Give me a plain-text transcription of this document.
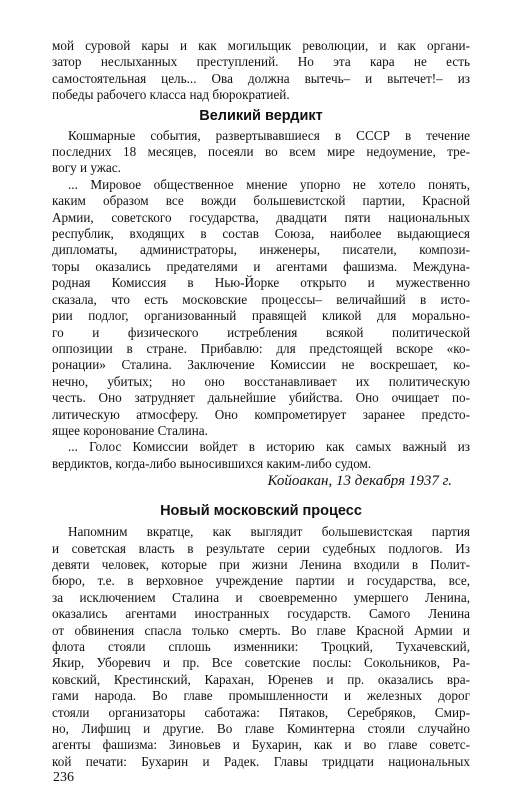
мой суровой кары и как могильщик революции, и как органи-
затор неслыханных преступлений. Но эта кара не есть
самостоятельная цель... Ова должна вытечь– и вытечет!– из
победы рабочего класса над бюрократией.
Великий вердикт
Кошмарные события, развертывавшиеся в СССР в течение
последних 18 месяцев, посеяли во всем мире недоумение, тре-
вогу и ужас.
... Мировое общественное мнение упорно не хотело понять,
каким образом все вожди большевистской партии, Красной
Армии, советского государства, двадцати пяти национальных
республик, входящих в состав Союза, наиболее выдающиеся
дипломаты, администраторы, инженеры, писатели, компози-
торы оказались предателями и агентами фашизма. Междуна-
родная Комиссия в Нью-Йорке открыто и мужественно
сказала, что есть московские процессы– величайший в исто-
рии подлог, организованный правящей кликой для морально-
го и физического истребления всякой политической
оппозиции в стране. Прибавлю: для предстоящей вскоре «ко-
ронации» Сталина. Заключение Комиссии не воскрешает, ко-
нечно, убитых; но оно восстанавливает их политическую
честь. Оно затрудняет дальнейшие убийства. Оно очищает по-
литическую атмосферу. Оно компрометирует заранее предсто-
ящее коронование Сталина.
... Голос Комиссии войдет в историю как самых важный из
вердиктов, когда-либо выносившихся каким-либо судом.
Койоакан, 13 декабря 1937 г.
Новый московский процесс
Напомним вкратце, как выглядит большевистская партия
и советская власть в результате серии судебных подлогов. Из
девяти человек, которые при жизни Ленина входили в Полит-
бюро, т.е. в верховное учреждение партии и государства, все,
за исключением Сталина и своевременно умершего Ленина,
оказались агентами иностранных государств. Самого Ленина
от обвинения спасла только смерть. Во главе Красной Армии и
флота стояли сплошь изменники: Троцкий, Тухачевский,
Якир, Уборевич и пр. Все советские послы: Сокольников, Ра-
ковский, Крестинский, Карахан, Юренев и пр. оказались вра-
гами народа. Во главе промышленности и железных дорог
стояли организаторы саботажа: Пятаков, Серебряков, Смир-
но, Лифшиц и другие. Во главе Коминтерна стояли случайно
агенты фашизма: Зиновьев и Бухарин, как и во главе советс-
кой печати: Бухарин и Радек. Главы тридцати национальных
236
